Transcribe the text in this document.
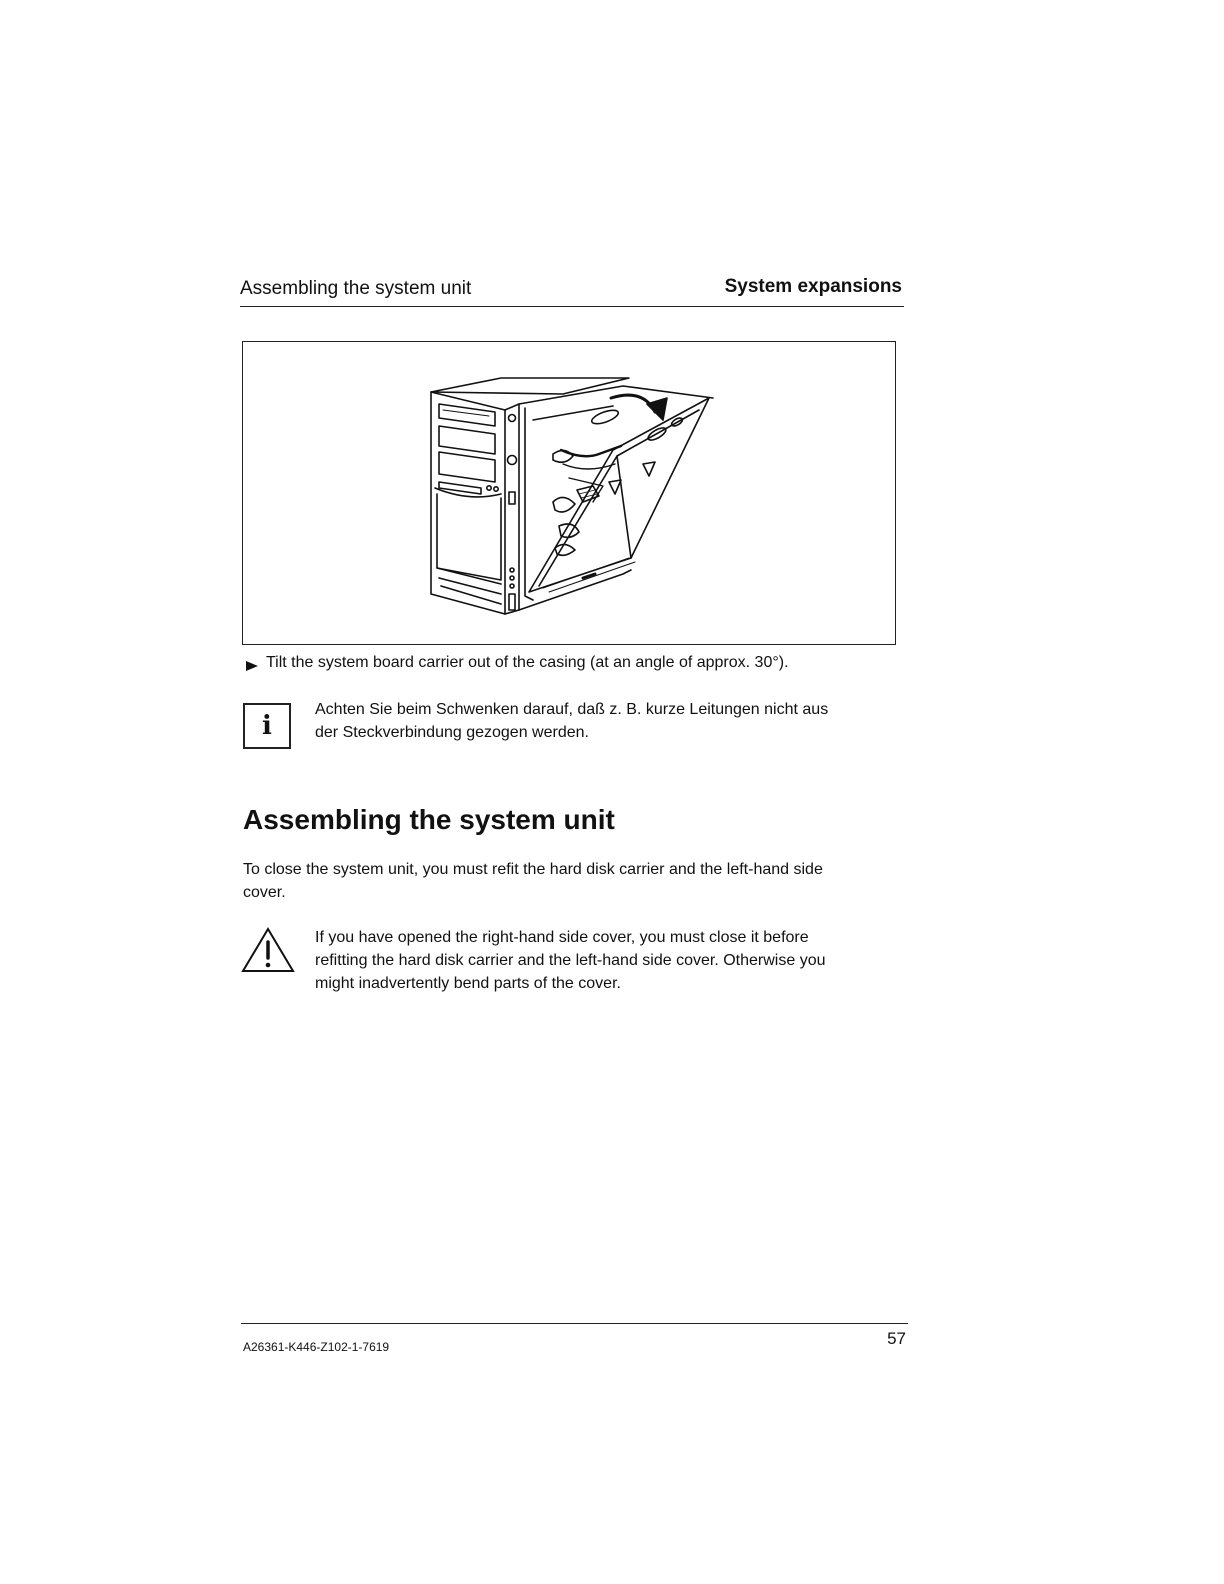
Assembling the system unit	System expansions
Tilt the system board carrier out of the casing (at an angle of approx. 30°).
i
Achten Sie beim Schwenken darauf, daß z. B. kurze Leitungen nicht aus
der Steckverbindung gezogen werden.
Assembling the system unit
To close the system unit, you must refit the hard disk carrier and the left-hand side
cover.
If you have opened the right-hand side cover, you must close it before
refitting the hard disk carrier and the left-hand side cover. Otherwise you
might inadvertently bend parts of the cover.
A26361-K446-Z102-1-7619	57
